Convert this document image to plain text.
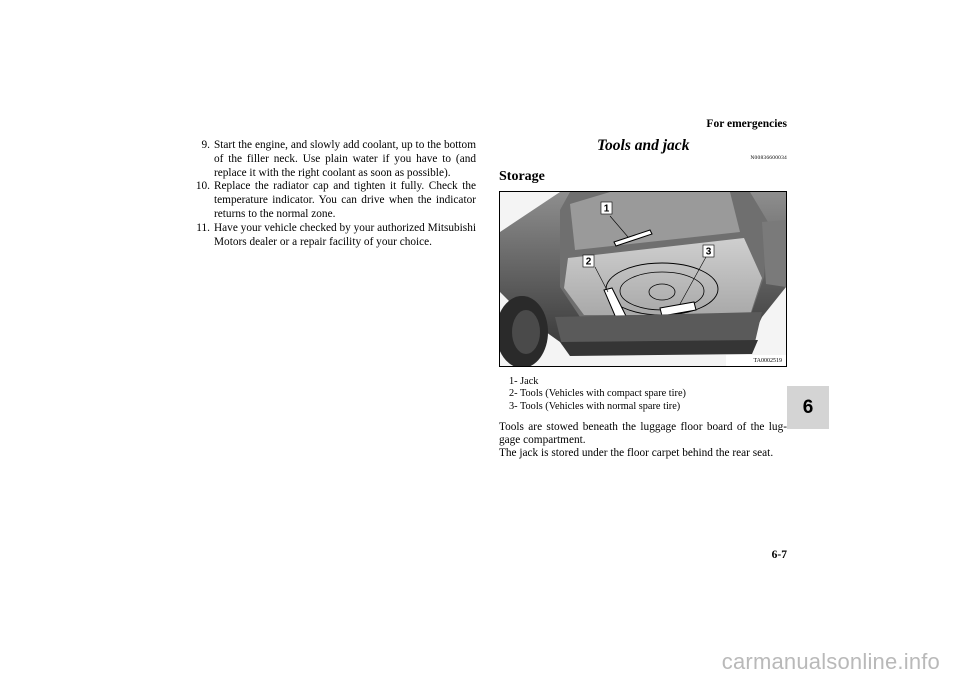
For emergencies
9. Start the engine, and slowly add coolant, up to the bottom of the filler neck. Use plain water if you have to (and replace it with the right coolant as soon as possible).
10. Replace the radiator cap and tighten it fully. Check the temperature indicator. You can drive when the indicator returns to the normal zone.
11. Have your vehicle checked by your authorized Mitsubishi Motors dealer or a repair facility of your choice.
Tools and jack
N00836600034
Storage
1
2
3
TA0002519
1- Jack
2- Tools (Vehicles with compact spare tire)
3- Tools (Vehicles with normal spare tire)

Tools are stowed beneath the luggage floor board of the lug-gage compartment.

The jack is stored under the floor carpet behind the rear seat.

6
6-7
carmanualsonline.info
